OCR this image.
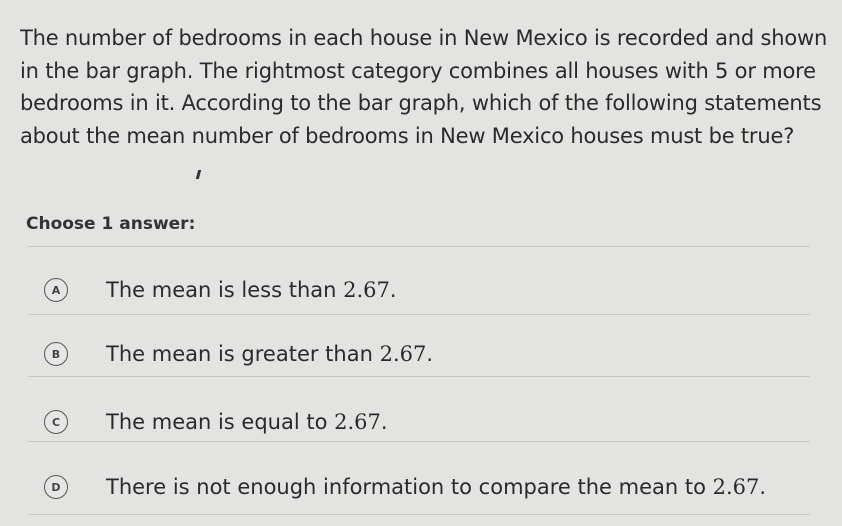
The number of bedrooms in each house in New Mexico is recorded and shown in the bar graph. The rightmost category combines all houses with 5 or more bedrooms in it. According to the bar graph, which of the following statements about the mean number of bedrooms in New Mexico houses must be true?
Choose 1 answer:
A	The mean is less than 2.67.
B	The mean is greater than 2.67.
C	The mean is equal to 2.67.
D	There is not enough information to compare the mean to 2.67.
